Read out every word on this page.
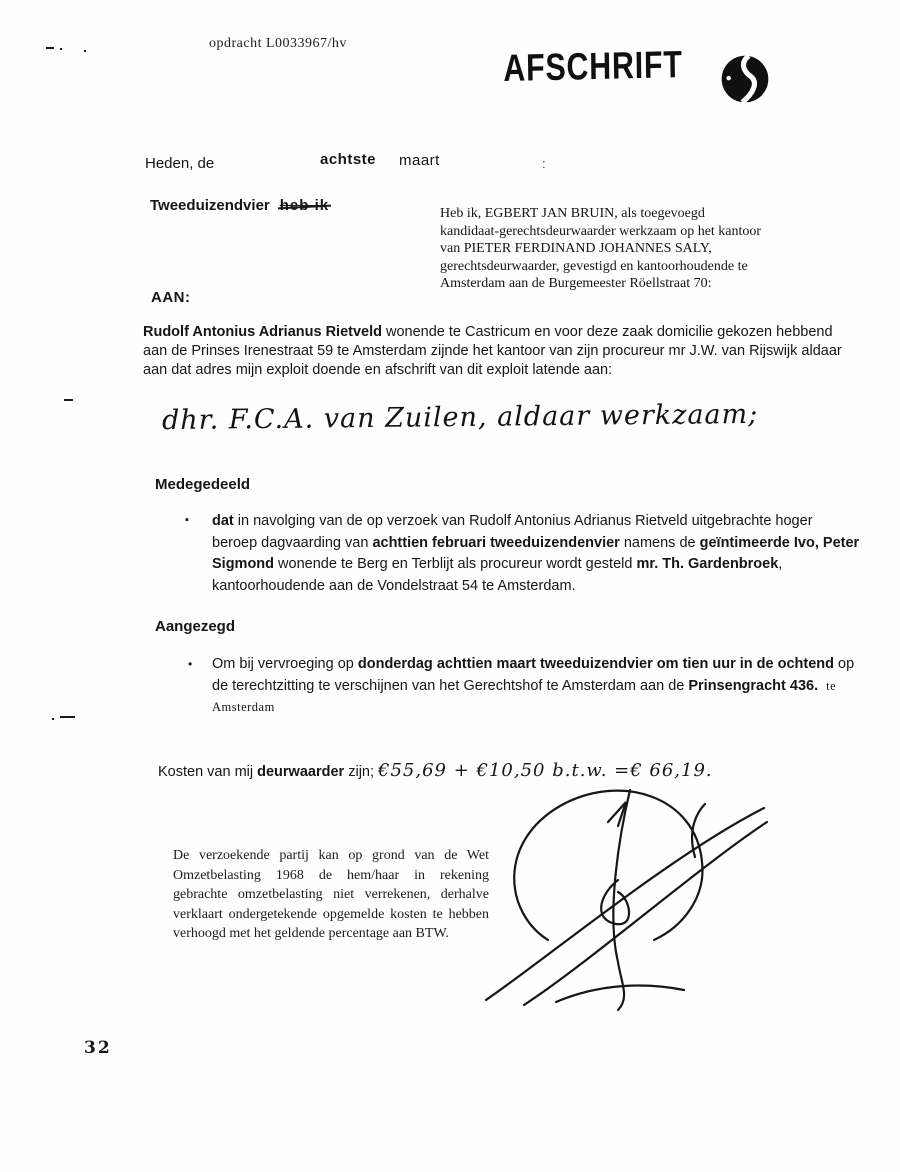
opdracht L0033967/hv
AFSCHRIFT
Heden, de	achtste maart	:
Tweeduizendvier heb ik	Heb ik, EGBERT JAN BRUIN, als toegevoegd kandidaat-gerechtsdeurwaarder werkzaam op het kantoor van PIETER FERDINAND JOHANNES SALY, gerechtsdeurwaarder, gevestigd en kantoorhoudende te Amsterdam aan de Burgemeester Röellstraat 70:
AAN:
Rudolf Antonius Adrianus Rietveld wonende te Castricum en voor deze zaak domicilie gekozen hebbend aan de Prinses Irenestraat 59 te Amsterdam zijnde het kantoor van zijn procureur mr J.W. van Rijswijk aldaar aan dat adres mijn exploit doende en afschrift van dit exploit latende aan:
dhr. F.C.A. van Zuilen, aldaar werkzaam;
Medegedeeld
▪ dat in navolging van de op verzoek van Rudolf Antonius Adrianus Rietveld uitgebrachte hoger beroep dagvaarding van achttien februari tweeduizendenvier namens de geïntimeerde Ivo, Peter Sigmond wonende te Berg en Terblijt als procureur wordt gesteld mr. Th. Gardenbroek, kantoorhoudende aan de Vondelstraat 54 te Amsterdam.
Aangezegd
• Om bij vervroeging op donderdag achttien maart tweeduizendvier om tien uur in de ochtend op de terechtzitting te verschijnen van het Gerechtshof te Amsterdam aan de Prinsengracht 436. te Amsterdam
Kosten van mij deurwaarder zijn; €55,69 + €10,50 b.t.w. =€ 66,19.
De verzoekende partij kan op grond van de Wet Omzetbelasting 1968 de hem/haar in rekening gebrachte omzetbelasting niet verrekenen, derhalve verklaart ondergetekende opgemelde kosten te hebben verhoogd met het geldende percentage aan BTW.
32
